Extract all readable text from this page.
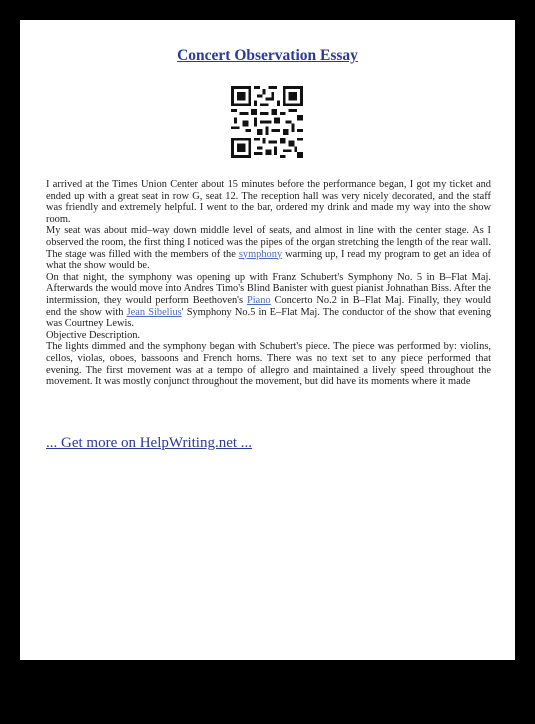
Concert Observation Essay

I arrived at the Times Union Center about 15 minutes before the performance began, I got my ticket and ended up with a great seat in row G, seat 12. The reception hall was very nicely decorated, and the staff was friendly and extremely helpful. I went to the bar, ordered my drink and made my way into the show room.

My seat was about mid–way down middle level of seats, and almost in line with the center stage. As I observed the room, the first thing I noticed was the pipes of the organ stretching the length of the rear wall. The stage was filled with the members of the symphony warming up, I read my program to get an idea of what the show would be.

On that night, the symphony was opening up with Franz Schubert's Symphony No. 5 in B–Flat Maj. Afterwards the would move into Andres Timo's Blind Banister with guest pianist Johnathan Biss. After the intermission, they would perform Beethoven's Piano Concerto No.2 in B–Flat Maj. Finally, they would end the show with Jean Sibelius' Symphony No.5 in E–Flat Maj. The conductor of the show that evening was Courtney Lewis.

Objective Description.

The lights dimmed and the symphony began with Schubert's piece. The piece was performed by: violins, cellos, violas, oboes, bassoons and French horns. There was no text set to any piece performed that evening. The first movement was at a tempo of allegro and maintained a lively speed throughout the movement. It was mostly conjunct throughout the movement, but did have its moments where it made

... Get more on HelpWriting.net ...
